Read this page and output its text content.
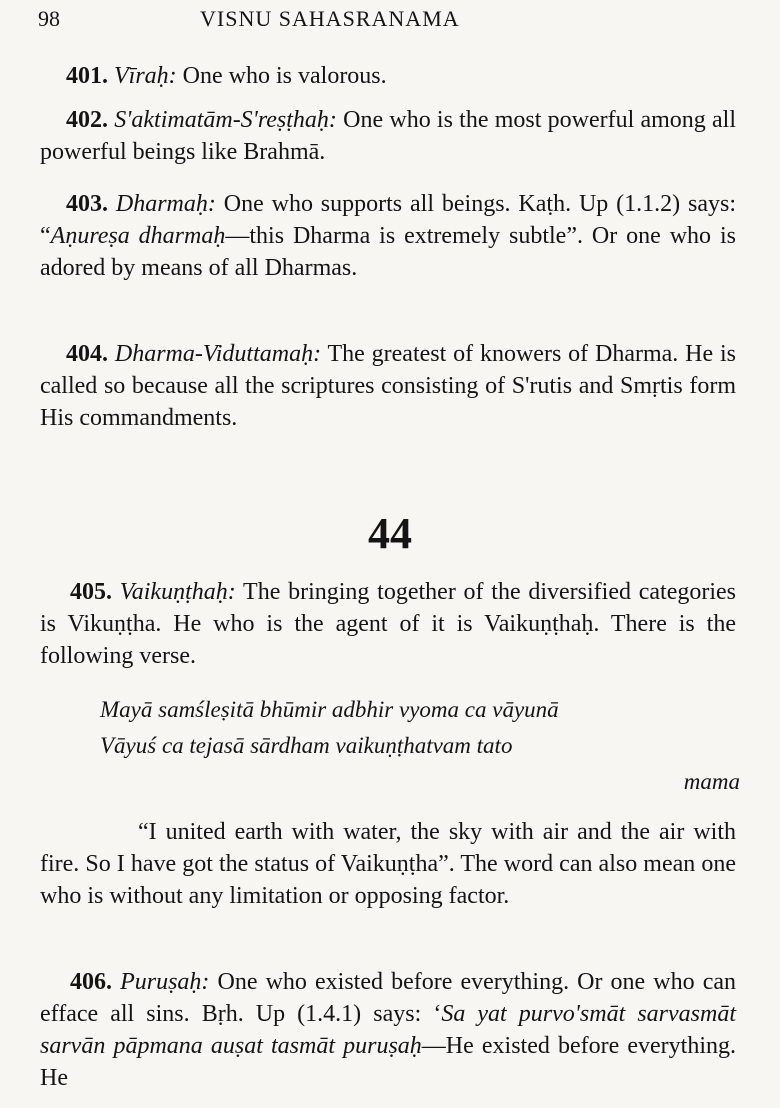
98	VISNU SAHASRANAMA

401. Vīraḥ: One who is valorous.

402. S'aktimatām-S'reṣṭhaḥ: One who is the most powerful among all powerful beings like Brahmā.

403. Dharmaḥ: One who supports all beings. Kaṭh. Up (1.1.2) says: “Aṇureṣa dharmaḥ—this Dharma is extremely subtle”. Or one who is adored by means of all Dharmas.

404. Dharma-Viduttamaḥ: The greatest of knowers of Dharma. He is called so because all the scriptures consisting of S'rutis and Smṛtis form His commandments.

44

405. Vaikuṇṭhaḥ: The bringing together of the diversified categories is Vikuṇṭha. He who is the agent of it is Vaikuṇṭhaḥ. There is the following verse.

Mayā samśleṣitā bhūmir adbhir vyoma ca vāyunā
Vāyuś ca tejasā sārdham vaikuṇṭhatvam tato
mama

“I united earth with water, the sky with air and the air with fire. So I have got the status of Vaikuṇṭha”. The word can also mean one who is without any limitation or opposing factor.

406. Puruṣaḥ: One who existed before everything. Or one who can efface all sins. Bṛh. Up (1.4.1) says: ‘Sa yat purvo'smāt sarvasmāt sarvān pāpmana auṣat tasmāt puruṣaḥ—He existed before everything. He
